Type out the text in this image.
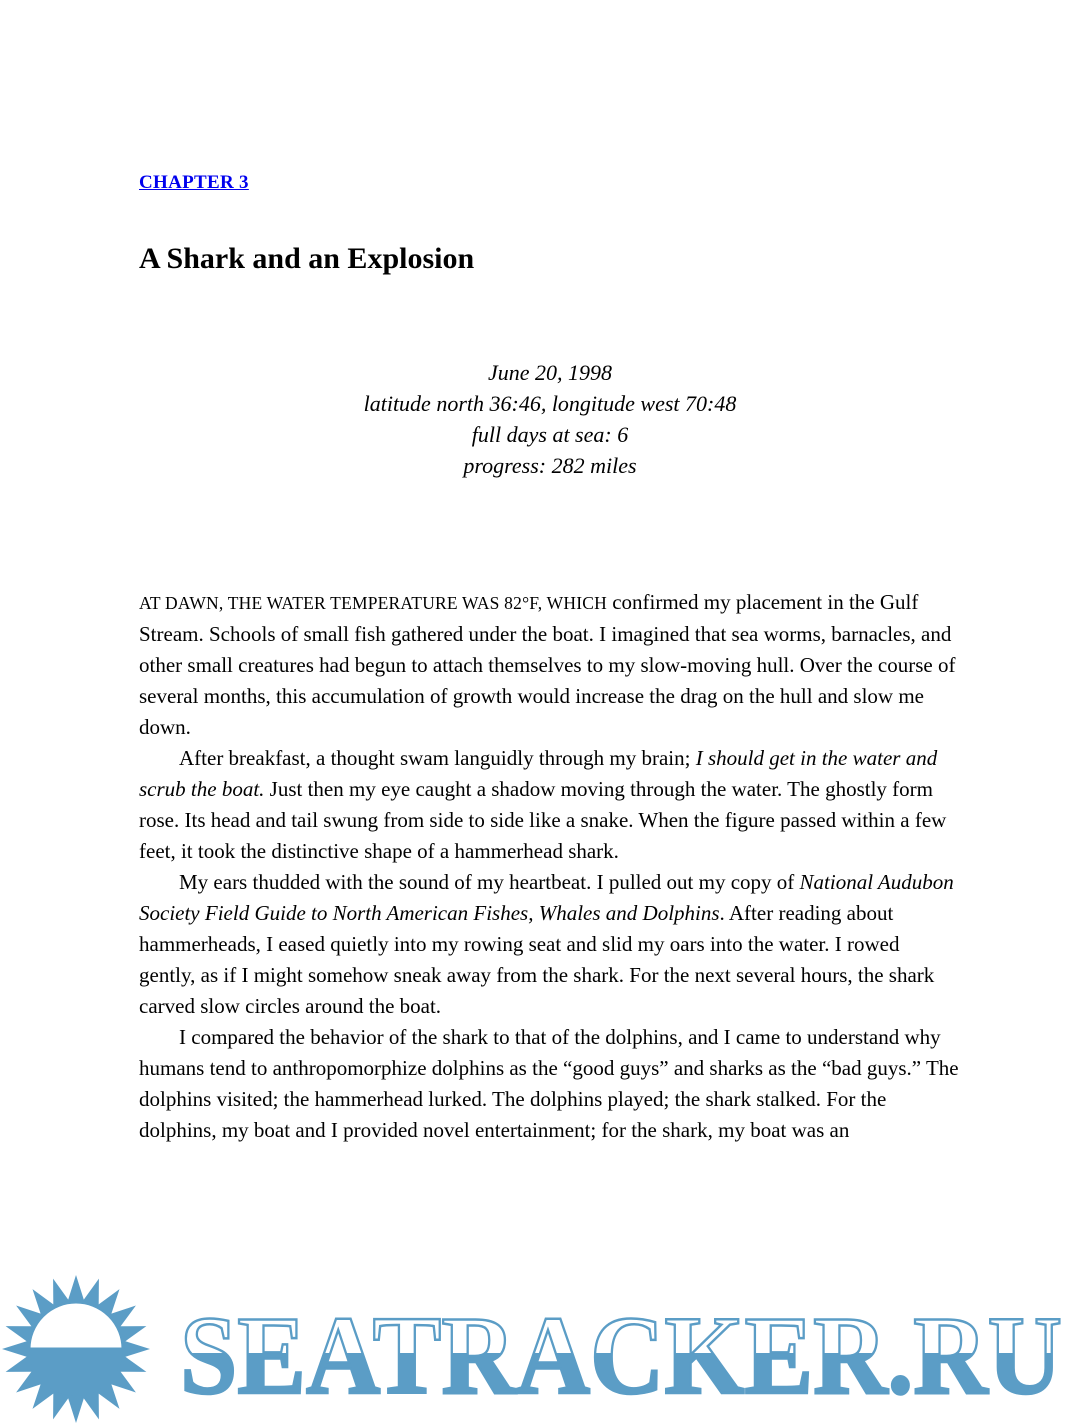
CHAPTER 3
A Shark and an Explosion
June 20, 1998
latitude north 36:46, longitude west 70:48
full days at sea: 6
progress: 282 miles

AT DAWN, THE WATER TEMPERATURE WAS 82°F, WHICH confirmed my placement in the Gulf Stream. Schools of small fish gathered under the boat. I imagined that sea worms, barnacles, and other small creatures had begun to attach themselves to my slow-moving hull. Over the course of several months, this accumulation of growth would increase the drag on the hull and slow me down.

After breakfast, a thought swam languidly through my brain; I should get in the water and scrub the boat. Just then my eye caught a shadow moving through the water. The ghostly form rose. Its head and tail swung from side to side like a snake. When the figure passed within a few feet, it took the distinctive shape of a hammerhead shark.

My ears thudded with the sound of my heartbeat. I pulled out my copy of National Audubon Society Field Guide to North American Fishes, Whales and Dolphins. After reading about hammerheads, I eased quietly into my rowing seat and slid my oars into the water. I rowed gently, as if I might somehow sneak away from the shark. For the next several hours, the shark carved slow circles around the boat.

I compared the behavior of the shark to that of the dolphins, and I came to understand why humans tend to anthropomorphize dolphins as the “good guys” and sharks as the “bad guys.” The dolphins visited; the hammerhead lurked. The dolphins played; the shark stalked. For the dolphins, my boat and I provided novel entertainment; for the shark, my boat was an

SEATRACKER.RU
